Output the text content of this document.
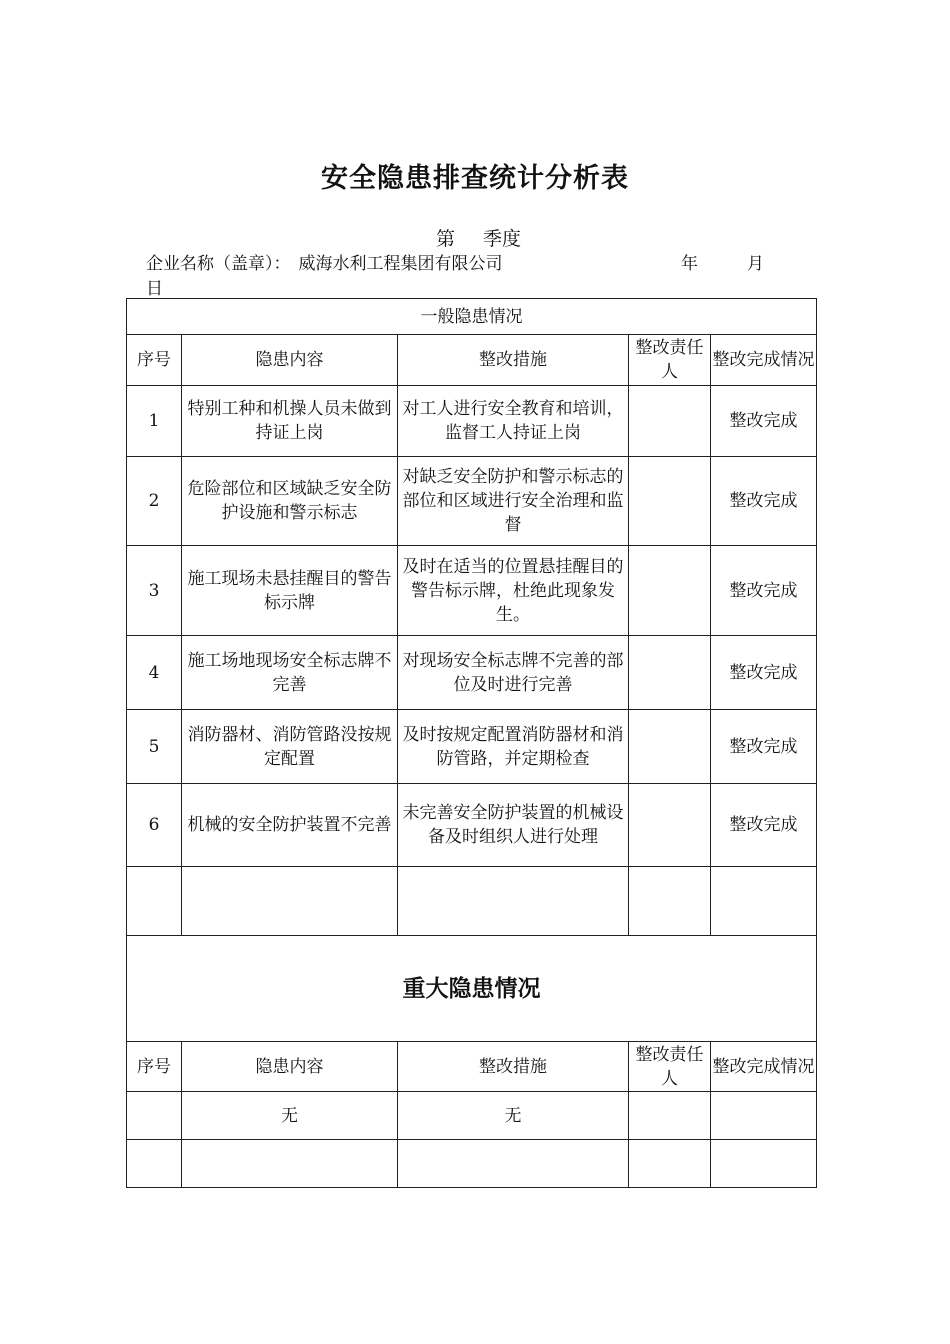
安全隐患排查统计分析表
第 季度
企业名称（盖章）： 威海水利工程集团有限公司	年	月
日
一般隐患情况				
序号	隐患内容	整改措施	整改责任人	整改完成情况
1	特别工种和机操人员未做到持证上岗	对工人进行安全教育和培训，监督工人持证上岗		整改完成
2	危险部位和区域缺乏安全防护设施和警示标志	对缺乏安全防护和警示标志的部位和区域进行安全治理和监督		整改完成
3	施工现场未悬挂醒目的警告标示牌	及时在适当的位置悬挂醒目的警告标示牌，杜绝此现象发生。		整改完成
4	施工场地现场安全标志牌不完善	对现场安全标志牌不完善的部位及时进行完善		整改完成
5	消防器材、消防管路没按规定配置	及时按规定配置消防器材和消防管路，并定期检查		整改完成
6	机械的安全防护装置不完善	未完善安全防护装置的机械设备及时组织人进行处理		整改完成

重大隐患情况				
序号	隐患内容	整改措施	整改责任人	整改完成情况
	无	无		
